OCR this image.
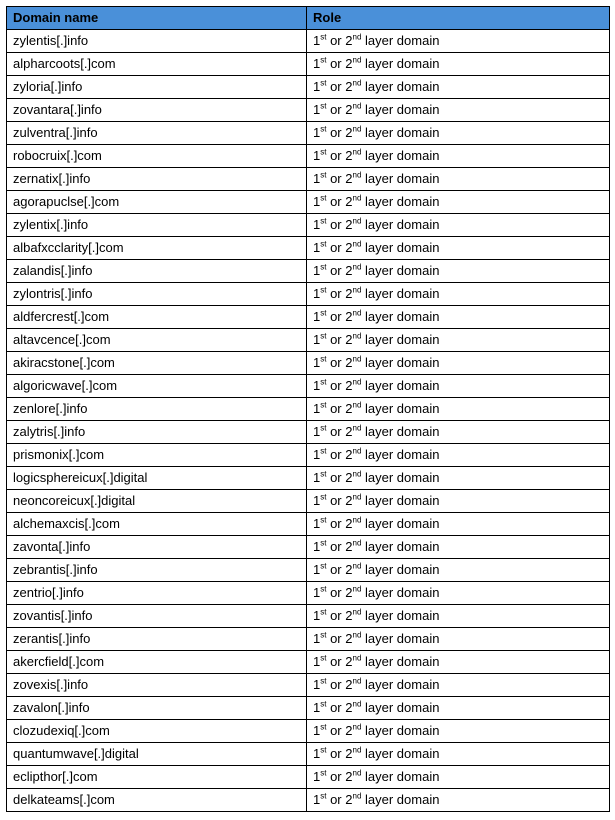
Domain name	Role
zylentis[.]info	1st or 2nd layer domain
alpharcoots[.]com	1st or 2nd layer domain
zyloria[.]info	1st or 2nd layer domain
zovantara[.]info	1st or 2nd layer domain
zulventra[.]info	1st or 2nd layer domain
robocruix[.]com	1st or 2nd layer domain
zernatix[.]info	1st or 2nd layer domain
agorapuclse[.]com	1st or 2nd layer domain
zylentix[.]info	1st or 2nd layer domain
albafxcclarity[.]com	1st or 2nd layer domain
zalandis[.]info	1st or 2nd layer domain
zylontris[.]info	1st or 2nd layer domain
aldfercrest[.]com	1st or 2nd layer domain
altavcence[.]com	1st or 2nd layer domain
akiracstone[.]com	1st or 2nd layer domain
algoricwave[.]com	1st or 2nd layer domain
zenlore[.]info	1st or 2nd layer domain
zalytris[.]info	1st or 2nd layer domain
prismonix[.]com	1st or 2nd layer domain
logicsphereicux[.]digital	1st or 2nd layer domain
neoncoreicux[.]digital	1st or 2nd layer domain
alchemaxcis[.]com	1st or 2nd layer domain
zavonta[.]info	1st or 2nd layer domain
zebrantis[.]info	1st or 2nd layer domain
zentrio[.]info	1st or 2nd layer domain
zovantis[.]info	1st or 2nd layer domain
zerantis[.]info	1st or 2nd layer domain
akercfield[.]com	1st or 2nd layer domain
zovexis[.]info	1st or 2nd layer domain
zavalon[.]info	1st or 2nd layer domain
clozudexiq[.]com	1st or 2nd layer domain
quantumwave[.]digital	1st or 2nd layer domain
eclipthor[.]com	1st or 2nd layer domain
delkateams[.]com	1st or 2nd layer domain
